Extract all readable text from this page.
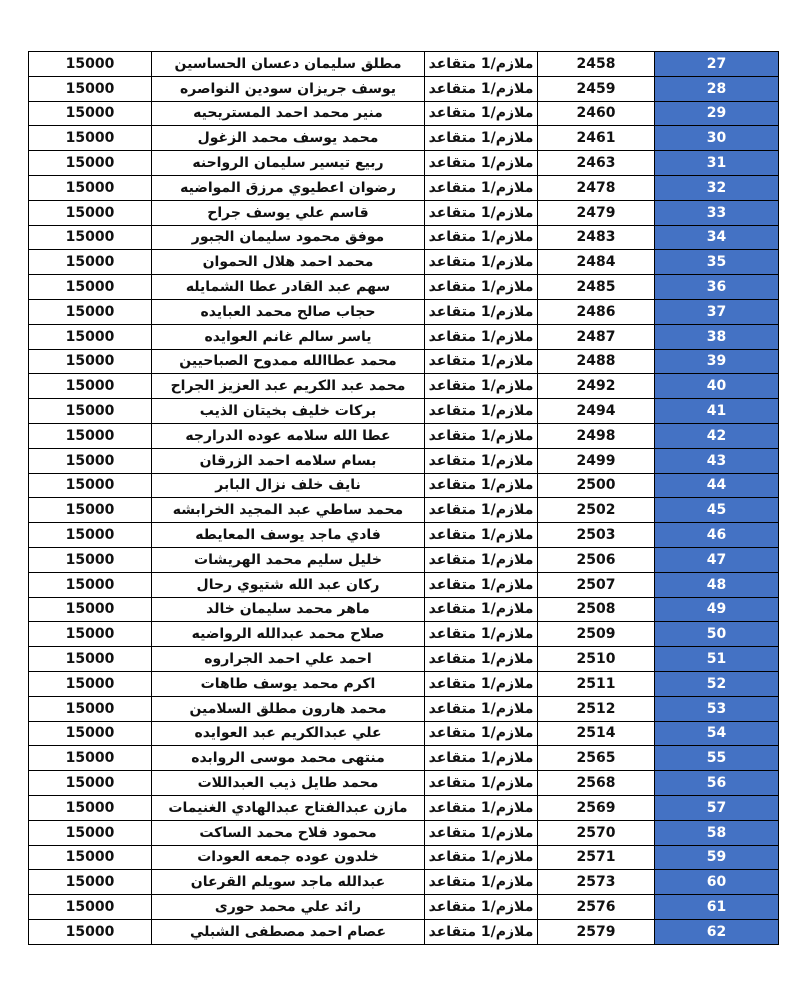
15000	مطلق سليمان دعسان الحساسين	ملازم/1 متقاعد	2458	27
15000	يوسف جريزان سودين النواصره	ملازم/1 متقاعد	2459	28
15000	منير محمد احمد المستريحيه	ملازم/1 متقاعد	2460	29
15000	محمد يوسف محمد الزغول	ملازم/1 متقاعد	2461	30
15000	ربيع تيسير سليمان الرواحنه	ملازم/1 متقاعد	2463	31
15000	رضوان اعطيوي مرزق المواضيه	ملازم/1 متقاعد	2478	32
15000	قاسم علي يوسف جراح	ملازم/1 متقاعد	2479	33
15000	موفق محمود سليمان الجبور	ملازم/1 متقاعد	2483	34
15000	محمد احمد هلال الحموان	ملازم/1 متقاعد	2484	35
15000	سهم عبد القادر عطا الشمايله	ملازم/1 متقاعد	2485	36
15000	حجاب صالح محمد العبايده	ملازم/1 متقاعد	2486	37
15000	ياسر سالم غانم العوايده	ملازم/1 متقاعد	2487	38
15000	محمد عطاالله ممدوح الصباحيين	ملازم/1 متقاعد	2488	39
15000	محمد عبد الكريم عبد العزيز الجراح	ملازم/1 متقاعد	2492	40
15000	بركات خليف بخيتان الذيب	ملازم/1 متقاعد	2494	41
15000	عطا الله سلامه عوده الدرارجه	ملازم/1 متقاعد	2498	42
15000	بسام سلامه احمد الزرقان	ملازم/1 متقاعد	2499	43
15000	نايف خلف نزال البابر	ملازم/1 متقاعد	2500	44
15000	محمد ساطي عبد المجيد الخرابشه	ملازم/1 متقاعد	2502	45
15000	فادي ماجد يوسف المعايطه	ملازم/1 متقاعد	2503	46
15000	خليل سليم محمد الهريشات	ملازم/1 متقاعد	2506	47
15000	ركان عبد الله شتيوي رحال	ملازم/1 متقاعد	2507	48
15000	ماهر محمد سليمان خالد	ملازم/1 متقاعد	2508	49
15000	صلاح محمد عبدالله الرواضيه	ملازم/1 متقاعد	2509	50
15000	احمد علي احمد الجراروه	ملازم/1 متقاعد	2510	51
15000	اكرم محمد يوسف طاهات	ملازم/1 متقاعد	2511	52
15000	محمد هارون مطلق السلامين	ملازم/1 متقاعد	2512	53
15000	علي عبدالكريم عبد العوايده	ملازم/1 متقاعد	2514	54
15000	منتهى محمد موسى الروابده	ملازم/1 متقاعد	2565	55
15000	محمد طايل ذيب العبداللات	ملازم/1 متقاعد	2568	56
15000	مازن عبدالفتاح عبدالهادي الغنيمات	ملازم/1 متقاعد	2569	57
15000	محمود فلاح محمد الساكت	ملازم/1 متقاعد	2570	58
15000	خلدون عوده جمعه العودات	ملازم/1 متقاعد	2571	59
15000	عبدالله ماجد سويلم القرعان	ملازم/1 متقاعد	2573	60
15000	رائد علي محمد حورى	ملازم/1 متقاعد	2576	61
15000	عصام احمد مصطفى الشبلي	ملازم/1 متقاعد	2579	62
